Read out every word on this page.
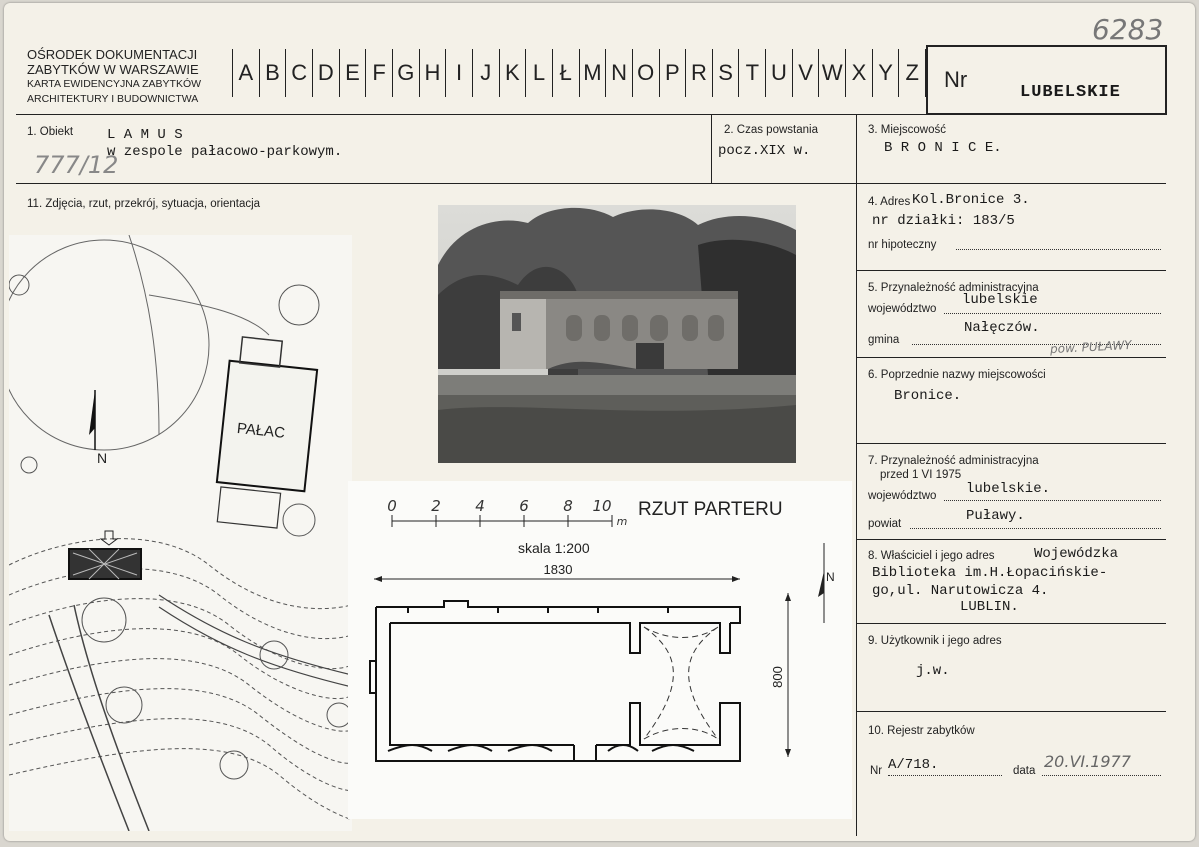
OŚRODEK DOKUMENTACJI
ZABYTKÓW W WARSZAWIE
KARTA EWIDENCYJNA ZABYTKÓW
ARCHITEKTURY I BUDOWNICTWA
A B C D E F G H I J K L Ł M N O P R S T U V W X Y Z	Nr
LUBELSKIE
6283
1. Obiekt L A M U S
w zespole pałacowo-parkowym.
777/12
2. Czas powstania
pocz.XIX w.
3. Miejscowość
B R O N I C E.
11. Zdjęcia, rzut, przekrój, sytuacja, orientacja	4. Adres Kol.Bronice 3.
nr działki: 183/5
nr hipoteczny
5. Przynależność administracyjna
województwo
lubelskie
gmina
Nałęczów.
pow. PUŁAWY
6. Poprzednie nazwy miejscowości
Bronice.
7. Przynależność administracyjna
przed 1 VI 1975
województwo lubelskie.
powiat	Puławy.
8. Właściciel i jego adres	Wojewódzka
Biblioteka im.H.Łopacińskie-
go,ul. Narutowicza 4.
LUBLIN.
9. Użytkownik i jego adres
j.w.
10. Rejestr zabytków
Nr A/718.	data 20.VI.1977
N
PAŁAC
0 2 4 6 8 10
m
RZUT PARTERU
skala 1:200
1830
800
N
